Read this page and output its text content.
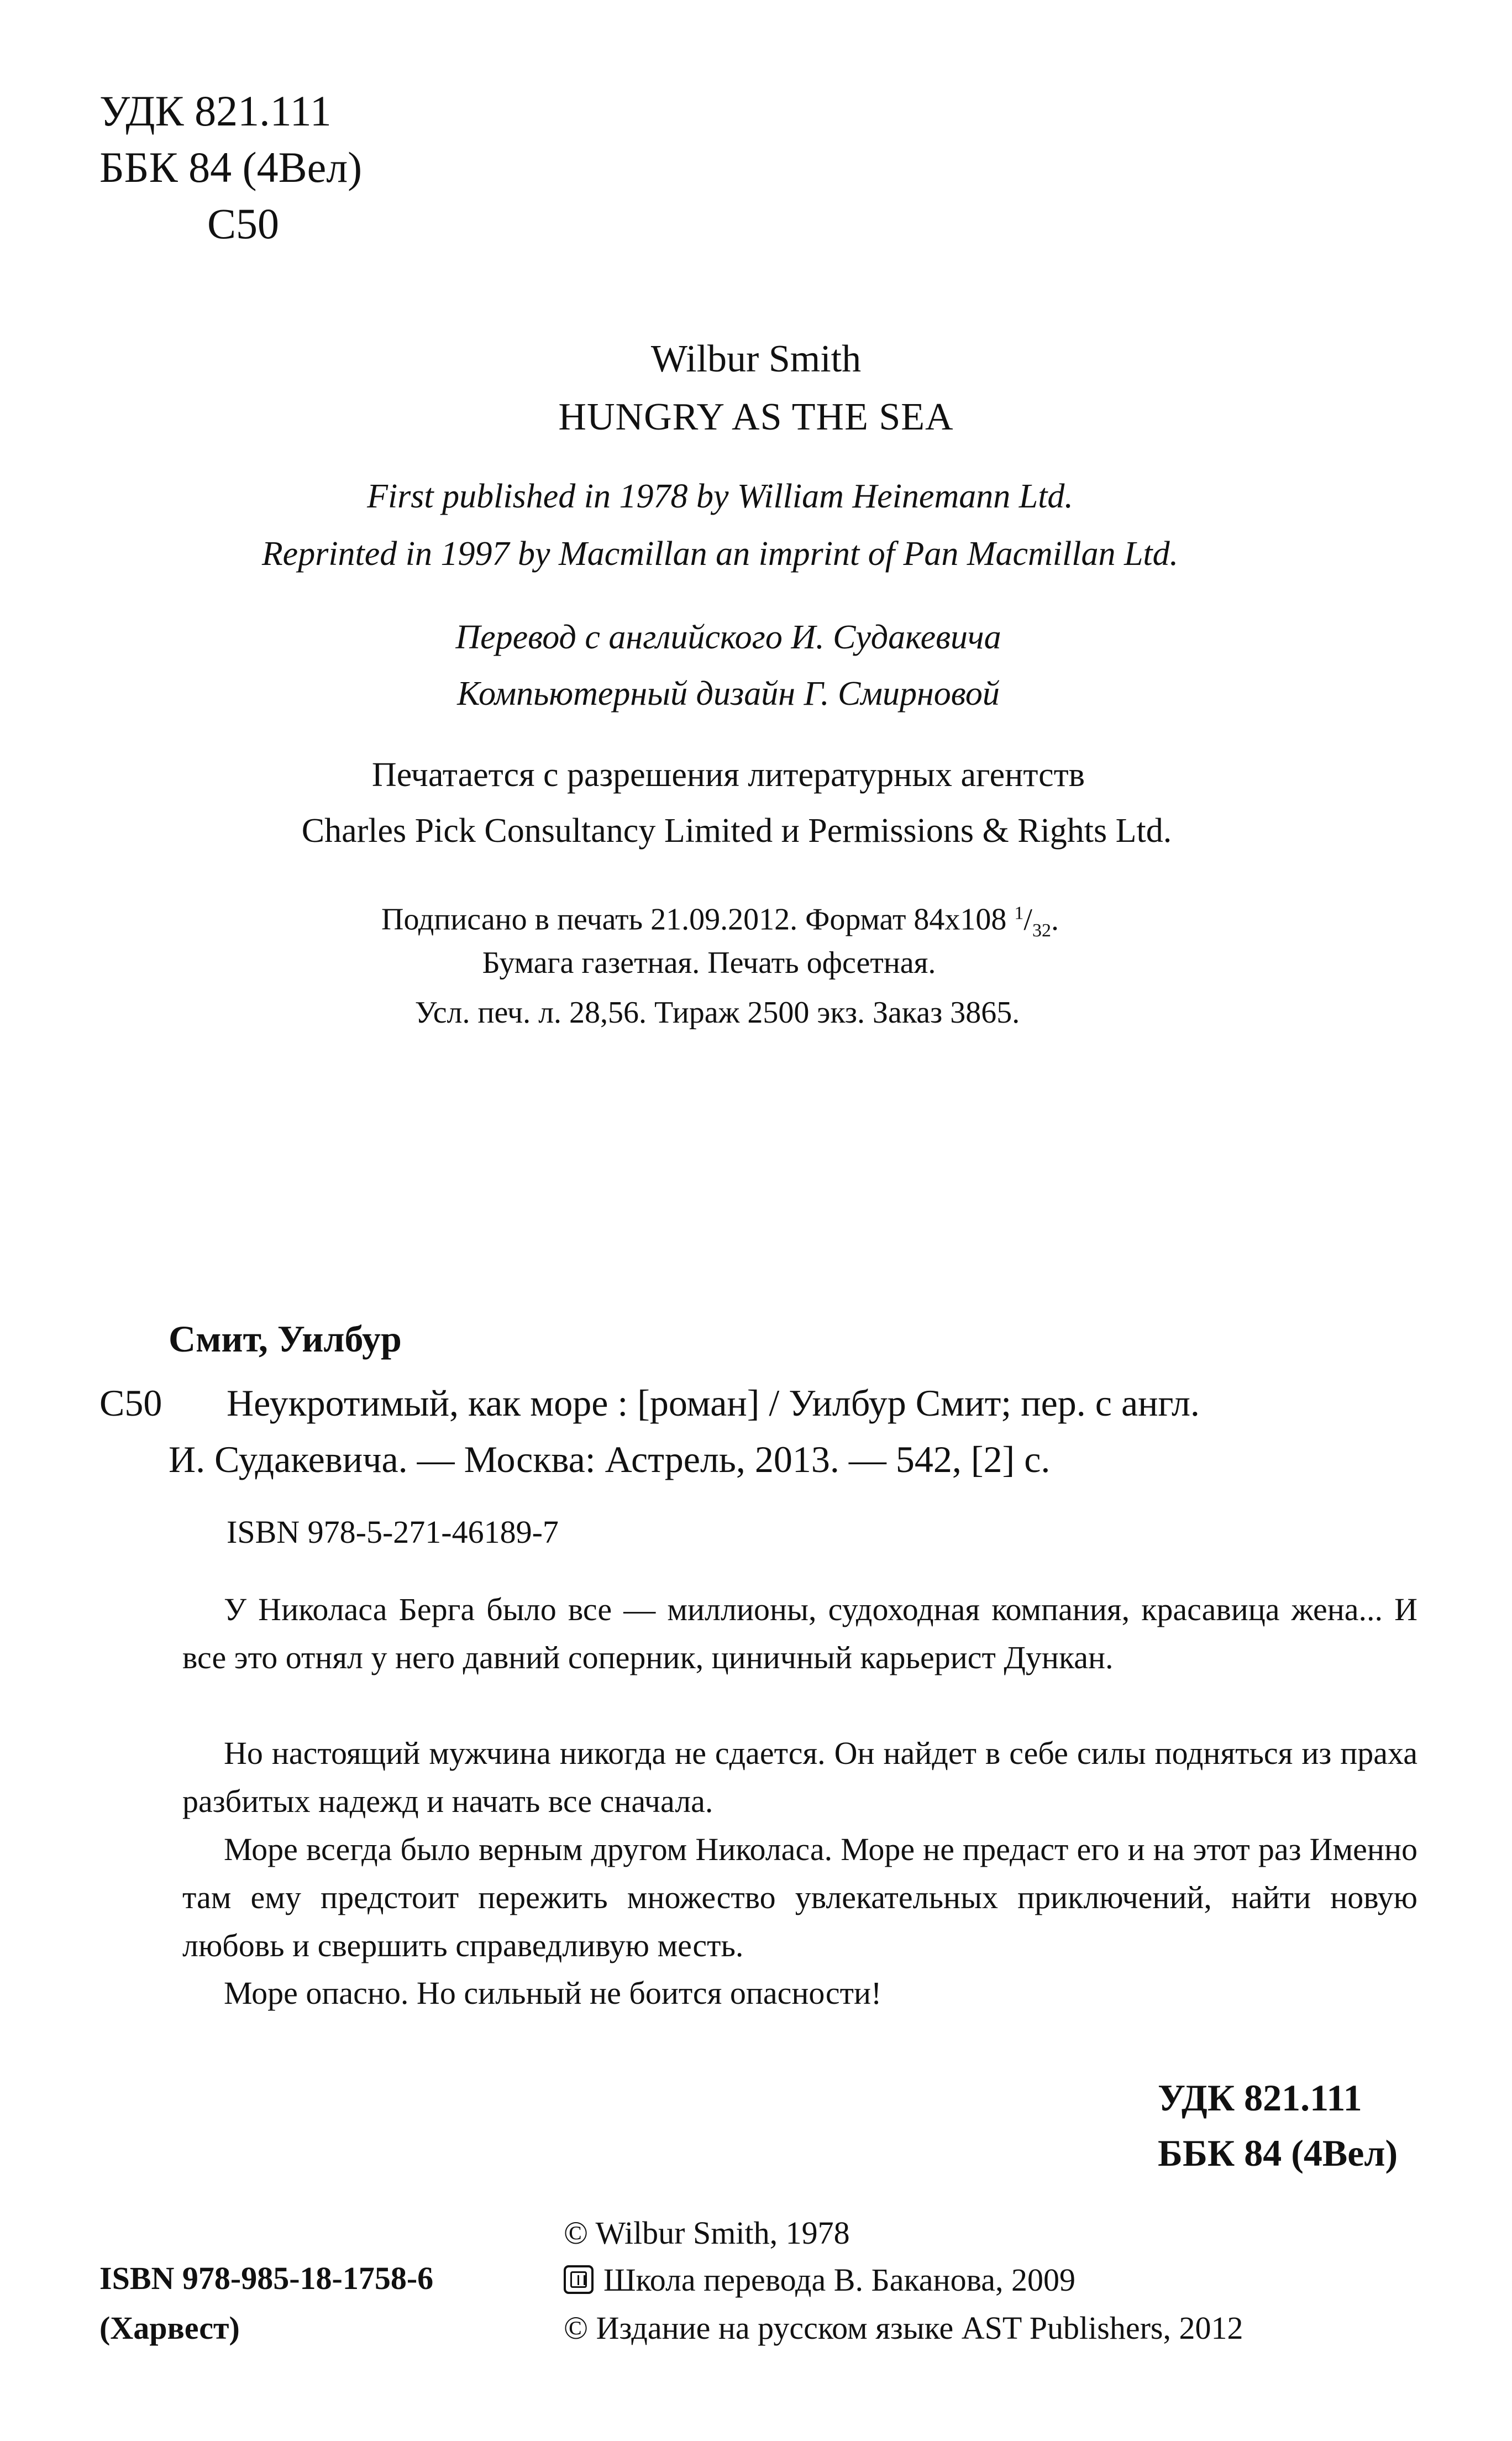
УДК 821.111
ББК 84 (4Вел)
С50

Wilbur Smith

HUNGRY AS THE SEA

First published in 1978 by William Heinemann Ltd.

Reprinted in 1997 by Macmillan an imprint of Pan Macmillan Ltd.

Перевод с английского И. Судакевича

Компьютерный дизайн Г. Смирновой

Печатается с разрешения литературных агентств

Charles Pick Consultancy Limited и Permissions & Rights Ltd.

Подписано в печать 21.09.2012. Формат 84х108 $^1/_{32}$.

Бумага газетная. Печать офсетная.

Усл. печ. л. 28,56. Тираж 2500 экз. Заказ 3865.

Смит, Уилбур

С50 Неукротимый, как море : [роман] / Уилбур Смит; пер. с англ.

И. Судакевича. — Москва: Астрель, 2013. — 542, [2] с.

ISBN 978-5-271-46189-7

У Николаса Берга было все — миллионы, судоходная компания, красавица жена... И все это отнял у него давний соперник, циничный карьерист Дункан.

Но настоящий мужчина никогда не сдается. Он найдет в себе силы подняться из праха разбитых надежд и начать все сначала.

Море всегда было верным другом Николаса. Море не предаст его и на этот раз Именно там ему предстоит пережить множество увлекательных приключений, найти новую любовь и свершить справедливую месть.

Море опасно. Но сильный не боится опасности!

УДК 821.111

ББК 84 (4Вел)

ISBN 978-985-18-1758-6

(Харвест)

© Wilbur Smith, 1978

Школа перевода В. Баканова, 2009

© Издание на русском языке AST Publishers, 2012
